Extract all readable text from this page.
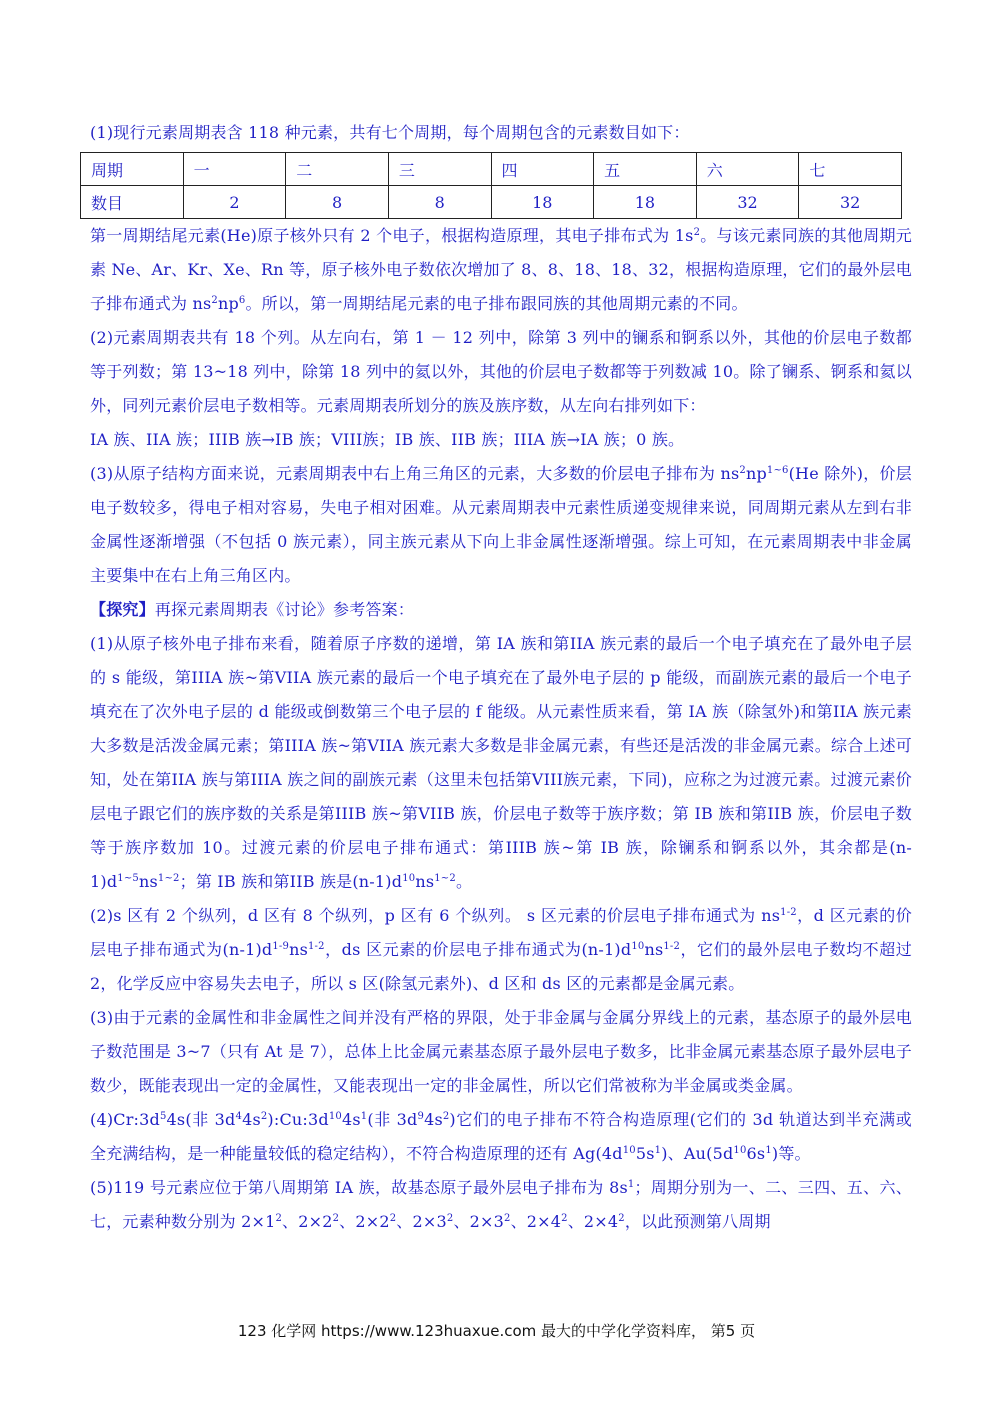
(1)现行元素周期表含 118 种元素，共有七个周期，每个周期包含的元素数目如下：

周期	一	二	三	四	五	六	七
数目	2	8	8	18	18	32	32

第一周期结尾元素(He)原子核外只有 2 个电子，根据构造原理，其电子排布式为 $1s^2$。与该元素同族的其他周期元素 Ne、Ar、Kr、Xe、Rn 等，原子核外电子数依次增加了 8、8、18、18、32，根据构造原理，它们的最外层电子排布通式为 $ns^2np^6$。所以，第一周期结尾元素的电子排布跟同族的其他周期元素的不同。

(2)元素周期表共有 18 个列。从左向右，第 1 － 12 列中，除第 3 列中的镧系和锕系以外，其他的价层电子数都等于列数；第 13~18 列中，除第 18 列中的氦以外，其他的价层电子数都等于列数减 10。除了镧系、锕系和氦以外，同列元素价层电子数相等。元素周期表所划分的族及族序数，从左向右排列如下：

IA 族、IIA 族；IIIB 族→IB 族；VIII族；IB 族、IIB 族；IIIA 族→IA 族；0 族。

(3)从原子结构方面来说，元素周期表中右上角三角区的元素，大多数的价层电子排布为 $ns^2np^{1\sim 6}(He$ 除外)，价层电子数较多，得电子相对容易，失电子相对困难。从元素周期表中元素性质递变规律来说，同周期元素从左到右非金属性逐渐增强（不包括 0 族元素），同主族元素从下向上非金属性逐渐增强。综上可知，在元素周期表中非金属主要集中在右上角三角区内。

【探究】再探元素周期表《讨论》参考答案：

(1)从原子核外电子排布来看，随着原子序数的递增，第 IA 族和第IIA 族元素的最后一个电子填充在了最外电子层的 s 能级，第IIIA 族~第VIIA 族元素的最后一个电子填充在了最外电子层的 p 能级，而副族元素的最后一个电子填充在了次外电子层的 d 能级或倒数第三个电子层的 f 能级。从元素性质来看，第 IA 族（除氢外)和第IIA 族元素大多数是活泼金属元素；第IIIA 族~第VIIA 族元素大多数是非金属元素，有些还是活泼的非金属元素。综合上述可知，处在第IIA 族与第IIIA 族之间的副族元素（这里未包括第VIII族元素，下同)，应称之为过渡元素。过渡元素价层电子跟它们的族序数的关系是第IIIB 族~第VIIB 族，价层电子数等于族序数；第 IB 族和第IIB 族，价层电子数等于族序数加 10。过渡元素的价层电子排布通式：第IIIB 族~第 IB 族，除镧系和锕系以外，其余都是$(n-1)d^{1\sim 5}ns^{1\sim 2}$；第 IB 族和第IIB 族是$(n-1)d^{10}ns^{1\sim 2}$。

(2)s 区有 2 个纵列，d 区有 8 个纵列，p 区有 6 个纵列。 s 区元素的价层电子排布通式为 $ns^{1-2}$，d 区元素的价层电子排布通式为$(n-1)d^{1-9}ns^{1-2}$，ds 区元素的价层电子排布通式为$(n-1)d^{10}ns^{1-2}$，它们的最外层电子数均不超过 2，化学反应中容易失去电子，所以 s 区(除氢元素外)、d 区和 ds 区的元素都是金属元素。

(3)由于元素的金属性和非金属性之间并没有严格的界限，处于非金属与金属分界线上的元素，基态原子的最外层电子数范围是 3~7（只有 At 是 7），总体上比金属元素基态原子最外层电子数多，比非金属元素基态原子最外层电子数少，既能表现出一定的金属性，又能表现出一定的非金属性，所以它们常被称为半金属或类金属。

$(4)Cr:3d^54s$(非 $3d^44s^2):Cu:3d^{10}4s^1$(非 $3d^94s^2$)它们的电子排布不符合构造原理(它们的 3d 轨道达到半充满或全充满结构，是一种能量较低的稳定结构），不符合构造原理的还有 $Ag(4d^{10}5s^1)$、$Au(5d^{10}6s^1)$等。

(5)119 号元素应位于第八周期第 IA 族，故基态原子最外层电子排布为 $8s^1$；周期分别为一、二、三四、五、六、七，元素种数分别为 $2\times 1^2$、$2\times 2^2$、$2\times 2^2$、$2\times 3^2$、$2\times 3^2$、$2\times 4^2$、$2\times 4^2$，以此预测第八周期

123 化学网 https://www.123huaxue.com 最大的中学化学资料库， 第5 页
